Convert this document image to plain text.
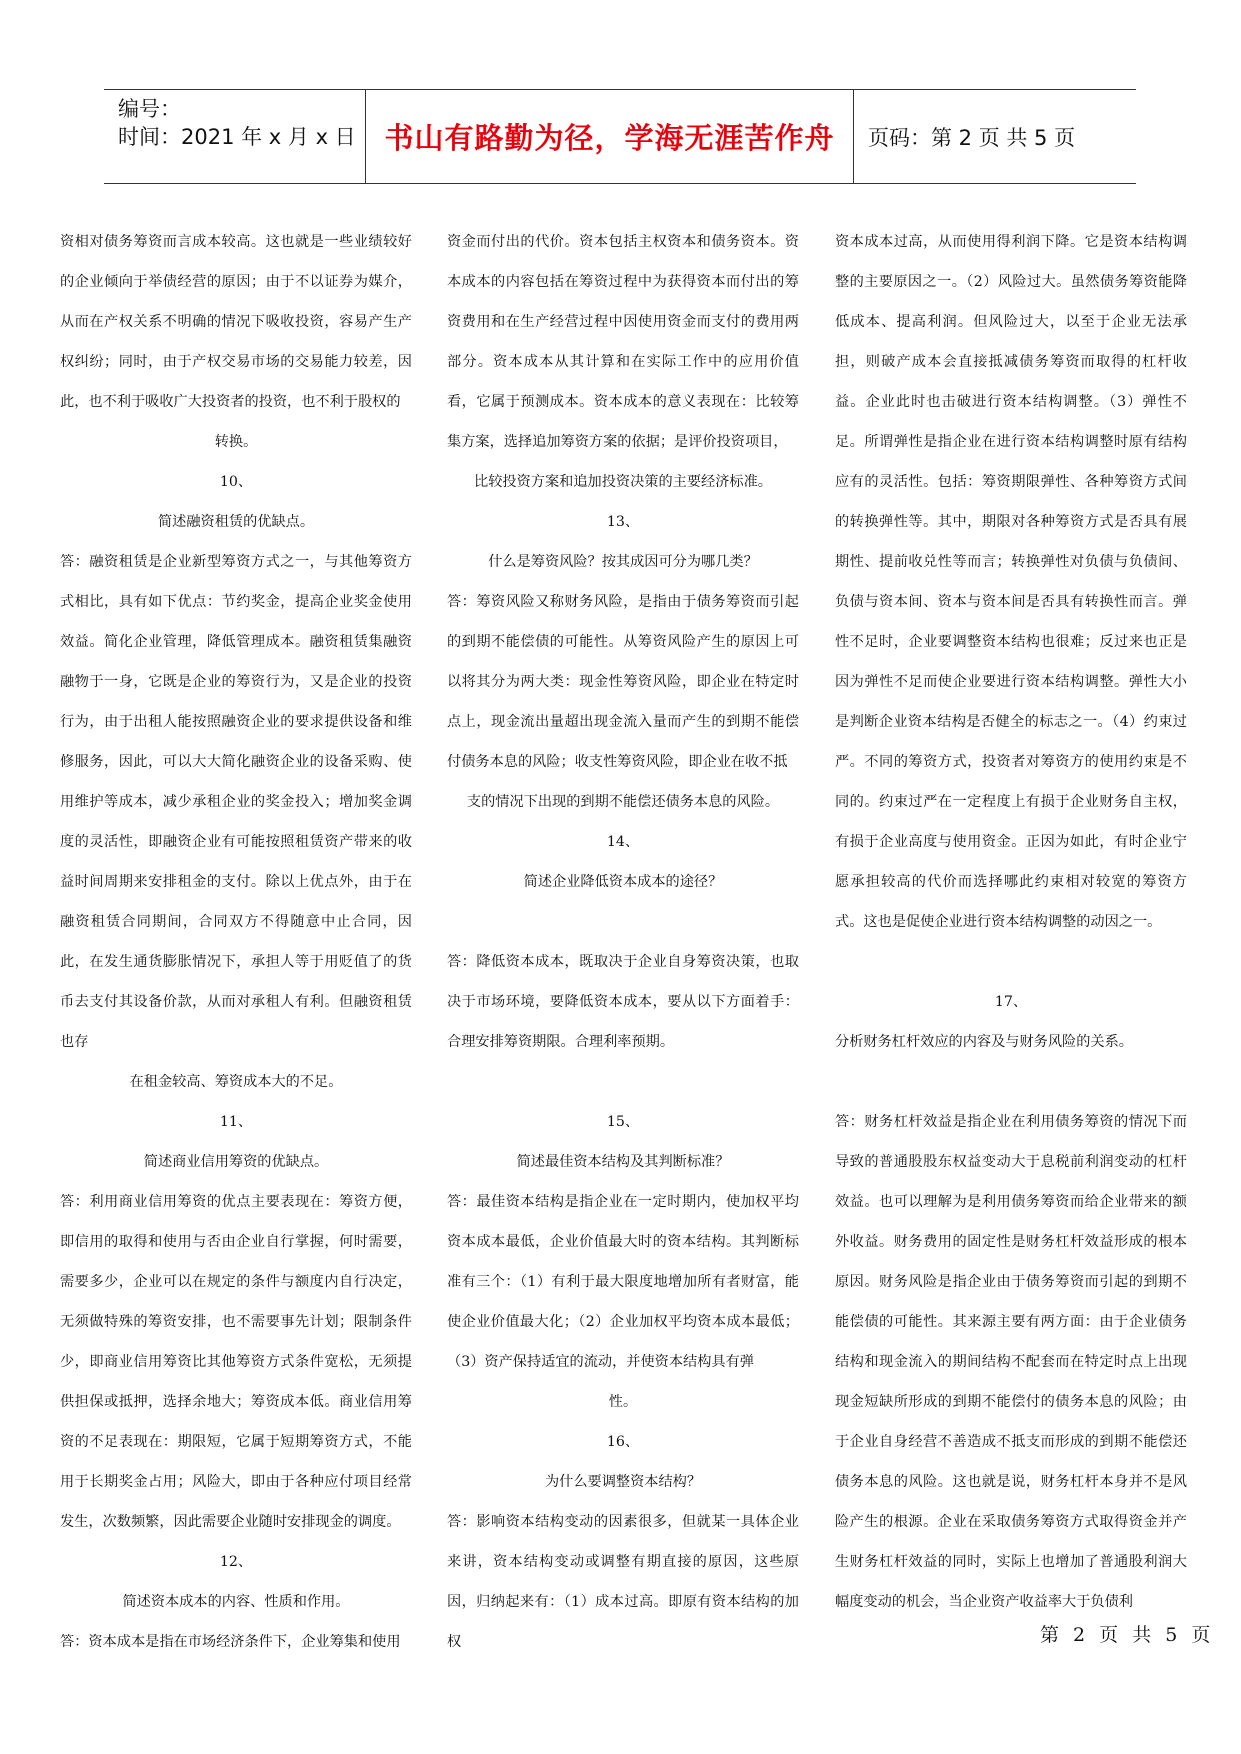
编号：
时间：2021 年 x 月 x 日 书山有路勤为径，学海无涯苦作舟 页码：第 2 页 共 5 页

资相对债务筹资而言成本较高。这也就是一些业绩较好的企业倾向于举债经营的原因；由于不以证券为媒介，从而在产权关系不明确的情况下吸收投资，容易产生产权纠纷；同时，由于产权交易市场的交易能力较差，因此，也不利于吸收广大投资者的投资，也不利于股权的

转换。

10、

简述融资租赁的优缺点。

答：融资租赁是企业新型筹资方式之一，与其他筹资方式相比，具有如下优点：节约奖金，提高企业奖金使用效益。简化企业管理，降低管理成本。融资租赁集融资融物于一身，它既是企业的筹资行为，又是企业的投资行为，由于出租人能按照融资企业的要求提供设备和维修服务，因此，可以大大简化融资企业的设备采购、使用维护等成本，减少承租企业的奖金投入；增加奖金调度的灵活性，即融资企业有可能按照租赁资产带来的收益时间周期来安排租金的支付。除以上优点外，由于在融资租赁合同期间，合同双方不得随意中止合同，因此，在发生通货膨胀情况下，承担人等于用贬值了的货币去支付其设备价款，从而对承租人有利。但融资租赁也存

在租金较高、筹资成本大的不足。

11、

简述商业信用筹资的优缺点。

答：利用商业信用筹资的优点主要表现在：筹资方便，即信用的取得和使用与否由企业自行掌握，何时需要，需要多少，企业可以在规定的条件与额度内自行决定，无须做特殊的筹资安排，也不需要事先计划；限制条件少，即商业信用筹资比其他筹资方式条件宽松，无须提供担保或抵押，选择余地大；筹资成本低。商业信用筹资的不足表现在：期限短，它属于短期筹资方式，不能用于长期奖金占用；风险大，即由于各种应付项目经常发生，次数频繁，因此需要企业随时安排现金的调度。

12、

简述资本成本的内容、性质和作用。

答：资本成本是指在市场经济条件下，企业筹集和使用

资金而付出的代价。资本包括主权资本和债务资本。资本成本的内容包括在筹资过程中为获得资本而付出的筹资费用和在生产经营过程中因使用资金而支付的费用两部分。资本成本从其计算和在实际工作中的应用价值看，它属于预测成本。资本成本的意义表现在：比较筹集方案，选择追加筹资方案的依据；是评价投资项目，

比较投资方案和追加投资决策的主要经济标准。

13、

什么是筹资风险？按其成因可分为哪几类？

答：筹资风险又称财务风险，是指由于债务筹资而引起的到期不能偿债的可能性。从筹资风险产生的原因上可以将其分为两大类：现金性筹资风险，即企业在特定时点上，现金流出量超出现金流入量而产生的到期不能偿付债务本息的风险；收支性筹资风险，即企业在收不抵

支的情况下出现的到期不能偿还债务本息的风险。

14、

简述企业降低资本成本的途径？

答：降低资本成本，既取决于企业自身筹资决策，也取决于市场环境，要降低资本成本，要从以下方面着手：合理安排筹资期限。合理利率预期。

15、

简述最佳资本结构及其判断标准？

答：最佳资本结构是指企业在一定时期内，使加权平均资本成本最低，企业价值最大时的资本结构。其判断标准有三个：（1）有利于最大限度地增加所有者财富，能使企业价值最大化；（2）企业加权平均资本成本最低；（3）资产保持适宜的流动，并使资本结构具有弹

性。

16、

为什么要调整资本结构？

答：影响资本结构变动的因素很多，但就某一具体企业来讲，资本结构变动或调整有期直接的原因，这些原因，归纳起来有：（1）成本过高。即原有资本结构的加权

资本成本过高，从而使用得利润下降。它是资本结构调整的主要原因之一。（2）风险过大。虽然债务筹资能降低成本、提高利润。但风险过大，以至于企业无法承担，则破产成本会直接抵减债务筹资而取得的杠杆收益。企业此时也击破进行资本结构调整。（3）弹性不足。所谓弹性是指企业在进行资本结构调整时原有结构应有的灵活性。包括：筹资期限弹性、各种筹资方式间的转换弹性等。其中，期限对各种筹资方式是否具有展期性、提前收兑性等而言；转换弹性对负债与负债间、负债与资本间、资本与资本间是否具有转换性而言。弹性不足时，企业要调整资本结构也很难；反过来也正是因为弹性不足而使企业要进行资本结构调整。弹性大小是判断企业资本结构是否健全的标志之一。（4）约束过严。不同的筹资方式，投资者对筹资方的使用约束是不同的。约束过严在一定程度上有损于企业财务自主权，有损于企业高度与使用资金。正因为如此，有时企业宁愿承担较高的代价而选择哪此约束相对较宽的筹资方式。这也是促使企业进行资本结构调整的动因之一。

17、

分析财务杠杆效应的内容及与财务风险的关系。

答：财务杠杆效益是指企业在利用债务筹资的情况下而导致的普通股股东权益变动大于息税前利润变动的杠杆效益。也可以理解为是利用债务筹资而给企业带来的额外收益。财务费用的固定性是财务杠杆效益形成的根本原因。财务风险是指企业由于债务筹资而引起的到期不能偿债的可能性。其来源主要有两方面：由于企业债务结构和现金流入的期间结构不配套而在特定时点上出现现金短缺所形成的到期不能偿付的债务本息的风险；由于企业自身经营不善造成不抵支而形成的到期不能偿还债务本息的风险。这也就是说，财务杠杆本身并不是风险产生的根源。企业在采取债务筹资方式取得资金并产生财务杠杆效益的同时，实际上也增加了普通股利润大幅度变动的机会，当企业资产收益率大于负债利

第 2 页 共 5 页
